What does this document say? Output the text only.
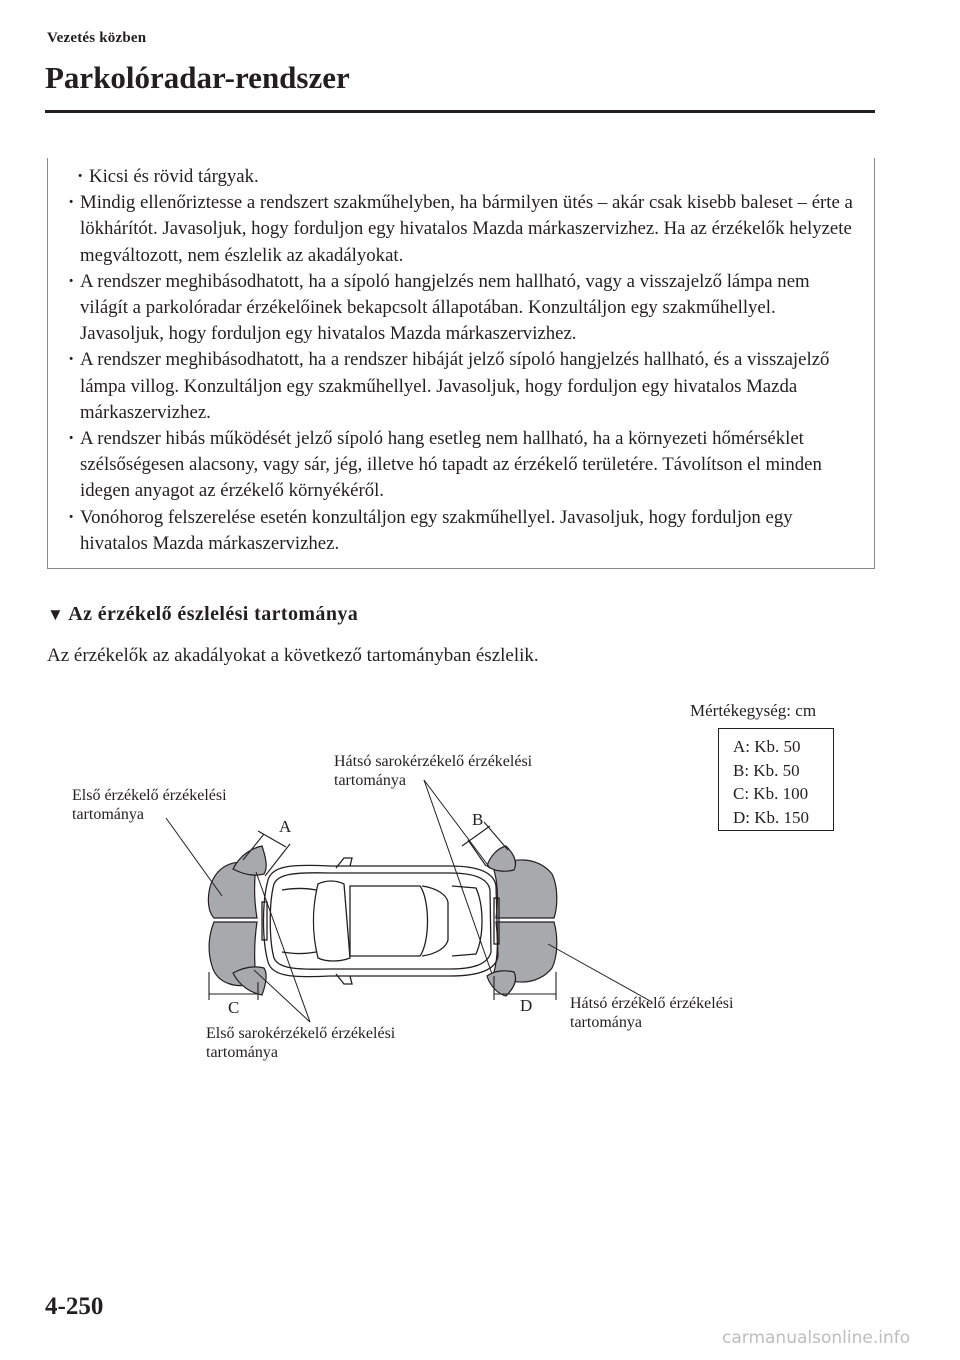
Vezetés közben
Parkolóradar-rendszer
· Kicsi és rövid tárgyak.
· Mindig ellenőriztesse a rendszert szakműhelyben, ha bármilyen ütés – akár csak kisebb baleset – érte a lökhárítót. Javasoljuk, hogy forduljon egy hivatalos Mazda márkaszervizhez. Ha az érzékelők helyzete megváltozott, nem észlelik az akadályokat.
· A rendszer meghibásodhatott, ha a sípoló hangjelzés nem hallható, vagy a visszajelző lámpa nem világít a parkolóradar érzékelőinek bekapcsolt állapotában. Konzultáljon egy szakműhellyel. Javasoljuk, hogy forduljon egy hivatalos Mazda márkaszervizhez.
· A rendszer meghibásodhatott, ha a rendszer hibáját jelző sípoló hangjelzés hallható, és a visszajelző lámpa villog. Konzultáljon egy szakműhellyel. Javasoljuk, hogy forduljon egy hivatalos Mazda márkaszervizhez.
· A rendszer hibás működését jelző sípoló hang esetleg nem hallható, ha a környezeti hőmérséklet szélsőségesen alacsony, vagy sár, jég, illetve hó tapadt az érzékelő területére. Távolítson el minden idegen anyagot az érzékelő környékéről.
· Vonóhorog felszerelése esetén konzultáljon egy szakműhellyel. Javasoljuk, hogy forduljon egy hivatalos Mazda márkaszervizhez.
▼ Az érzékelő észlelési tartománya
Az érzékelők az akadályokat a következő tartományban észlelik.
Mértékegység: cm
A: Kb. 50
B: Kb. 50
C: Kb. 100
D: Kb. 150
A	B
C	D
Első érzékelő érzékelési
tartománya
Hátsó sarokérzékelő érzékelési
tartománya
Első sarokérzékelő érzékelési
tartománya
Hátsó érzékelő érzékelési
tartománya
4-250
carmanualsonline.info
